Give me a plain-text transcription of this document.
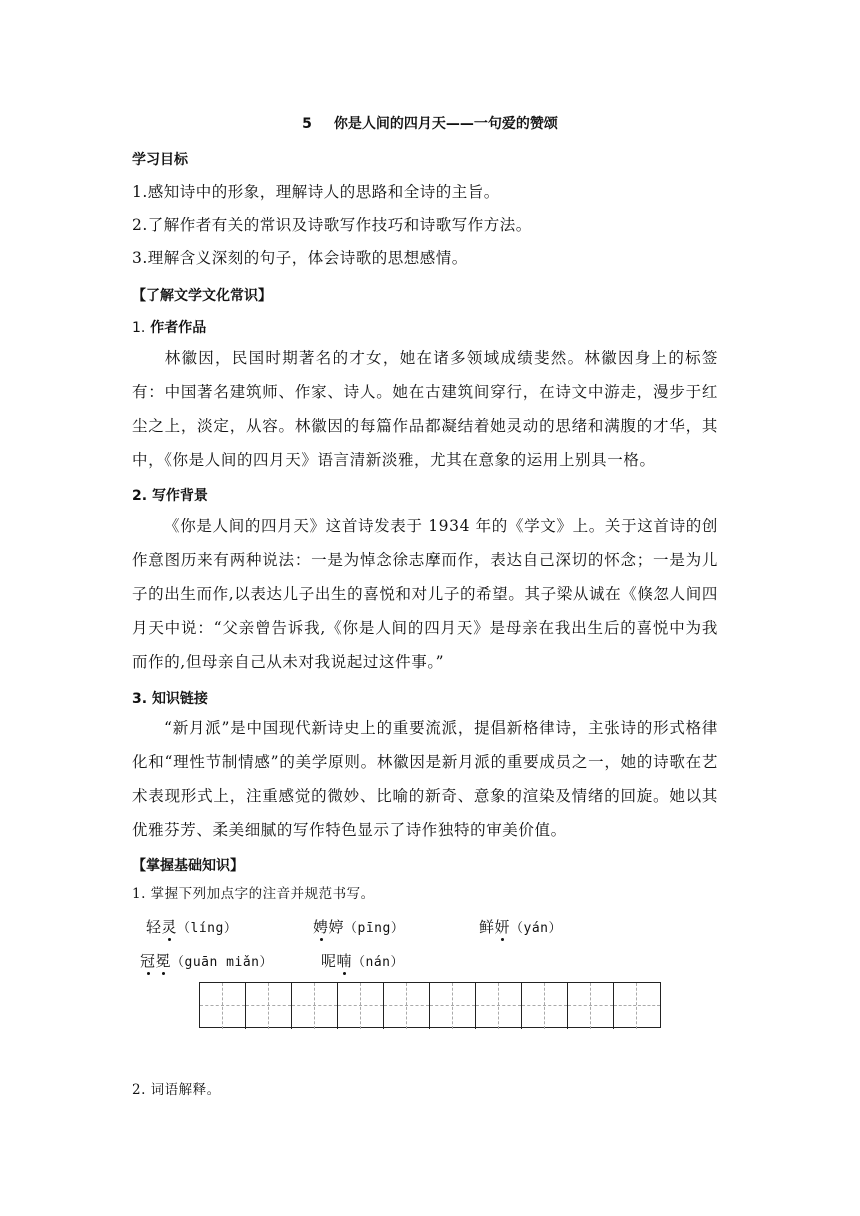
5 你是人间的四月天——一句爱的赞颂
学习目标
1.感知诗中的形象，理解诗人的思路和全诗的主旨。
2.了解作者有关的常识及诗歌写作技巧和诗歌写作方法。
3.理解含义深刻的句子，体会诗歌的思想感情。
【了解文学文化常识】
1. 作者作品
林徽因，民国时期著名的才女，她在诸多领域成绩斐然。林徽因身上的标签有：中国著名建筑师、作家、诗人。她在古建筑间穿行，在诗文中游走，漫步于红尘之上，淡定，从容。林徽因的每篇作品都凝结着她灵动的思绪和满腹的才华，其中，《你是人间的四月天》语言清新淡雅，尤其在意象的运用上别具一格。
2. 写作背景
《你是人间的四月天》这首诗发表于 1934 年的《学文》上。关于这首诗的创作意图历来有两种说法：一是为悼念徐志摩而作，表达自己深切的怀念；一是为儿子的出生而作,以表达儿子出生的喜悦和对儿子的希望。其子梁从诚在《倏忽人间四月天中说：“父亲曾告诉我,《你是人间的四月天》是母亲在我出生后的喜悦中为我而作的,但母亲自己从未对我说起过这件事。”
3. 知识链接
“新月派”是中国现代新诗史上的重要流派，提倡新格律诗，主张诗的形式格律化和“理性节制情感”的美学原则。林徽因是新月派的重要成员之一，她的诗歌在艺术表现形式上，注重感觉的微妙、比喻的新奇、意象的渲染及情绪的回旋。她以其优雅芬芳、柔美细腻的写作特色显示了诗作独特的审美价值。
【掌握基础知识】
1. 掌握下列加点字的注音并规范书写。
轻灵（líng）	娉婷（pīng）	鲜妍（yán）
冠冕（guān miǎn）	呢喃（nán）
2. 词语解释。
